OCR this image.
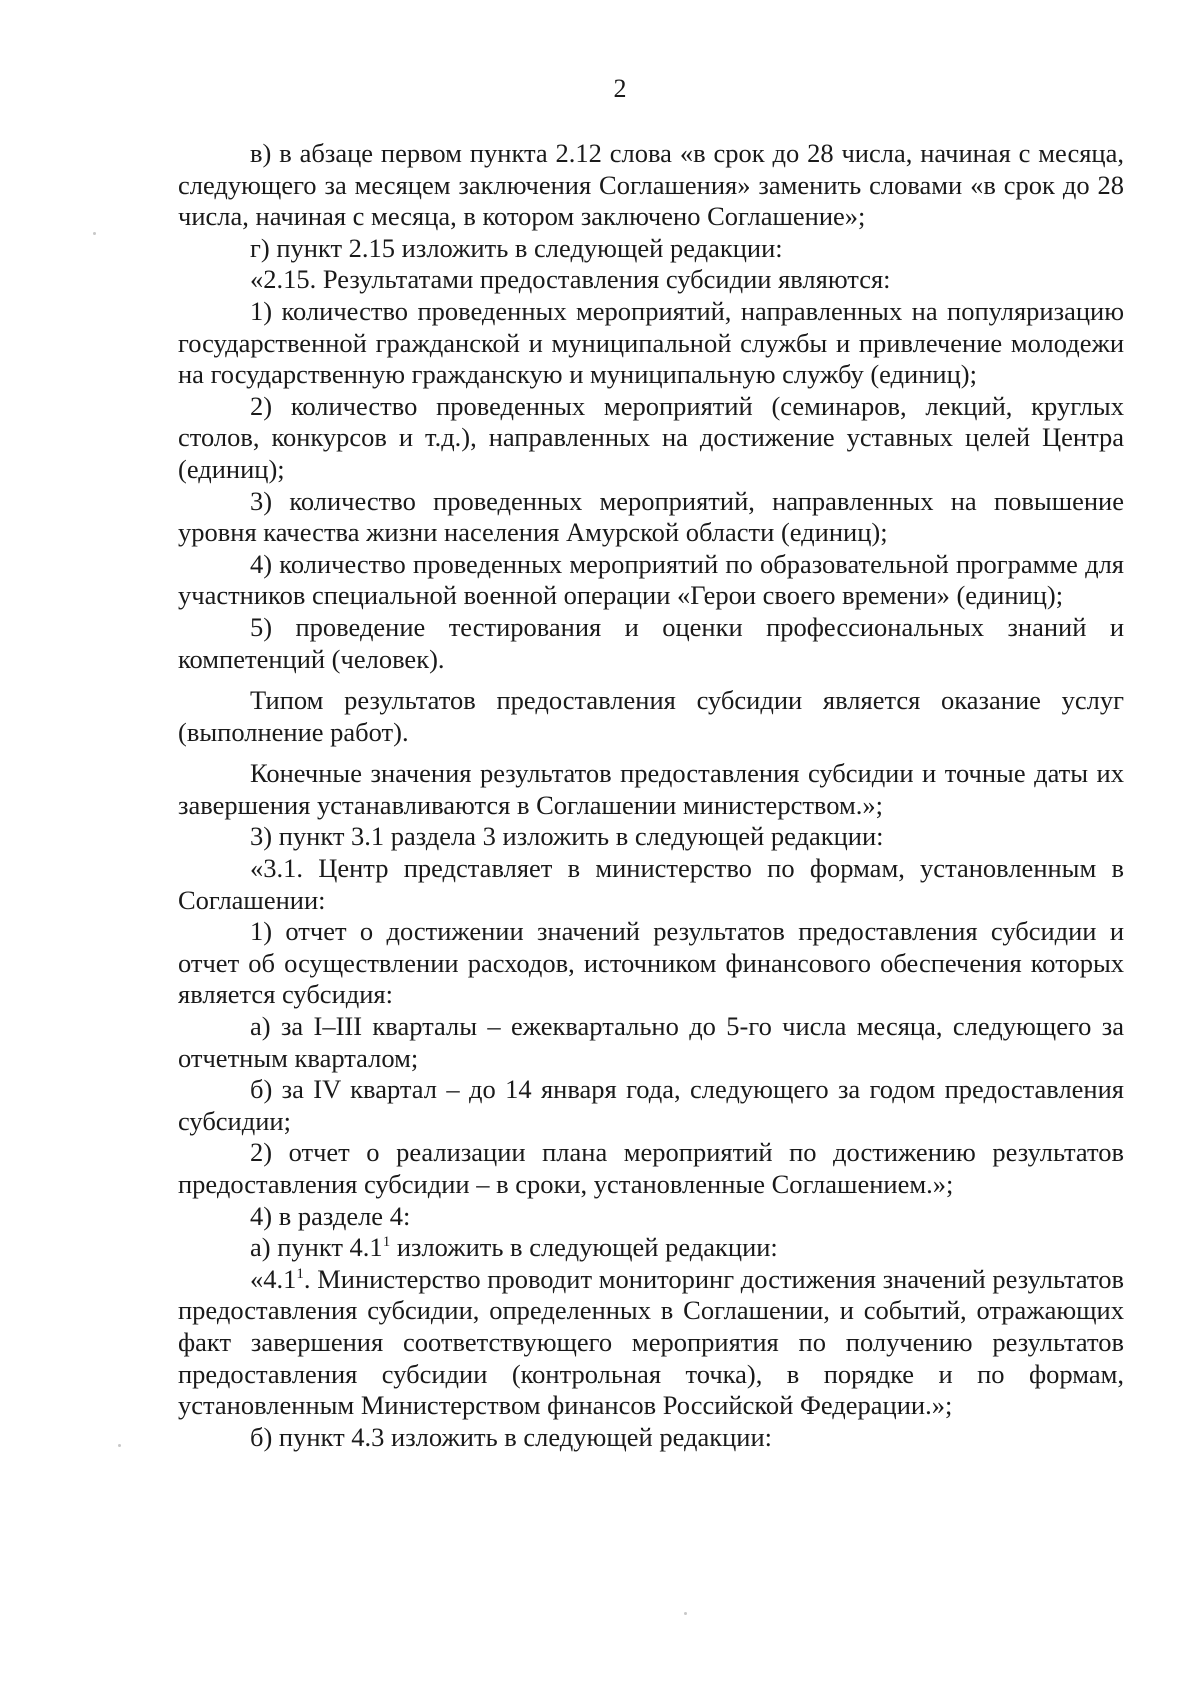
2

в) в абзаце первом пункта 2.12 слова «в срок до 28 числа, начиная с месяца, следующего за месяцем заключения Соглашения» заменить словами «в срок до 28 числа, начиная с месяца, в котором заключено Соглашение»;

г) пункт 2.15 изложить в следующей редакции:

«2.15. Результатами предоставления субсидии являются:

1) количество проведенных мероприятий, направленных на популяризацию государственной гражданской и муниципальной службы и привлечение молодежи на государственную гражданскую и муниципальную службу (единиц);

2) количество проведенных мероприятий (семинаров, лекций, круглых столов, конкурсов и т.д.), направленных на достижение уставных целей Центра (единиц);

3) количество проведенных мероприятий, направленных на повышение уровня качества жизни населения Амурской области (единиц);

4) количество проведенных мероприятий по образовательной программе для участников специальной военной операции «Герои своего времени» (единиц);

5) проведение тестирования и оценки профессиональных знаний и компетенций (человек).

Типом результатов предоставления субсидии является оказание услуг (выполнение работ).

Конечные значения результатов предоставления субсидии и точные даты их завершения устанавливаются в Соглашении министерством.»;

3) пункт 3.1 раздела 3 изложить в следующей редакции:

«3.1. Центр представляет в министерство по формам, установленным в Соглашении:

1) отчет о достижении значений результатов предоставления субсидии и отчет об осуществлении расходов, источником финансового обеспечения которых является субсидия:

а) за I–III кварталы – ежеквартально до 5-го числа месяца, следующего за отчетным кварталом;

б) за IV квартал – до 14 января года, следующего за годом предоставления субсидии;

2) отчет о реализации плана мероприятий по достижению результатов предоставления субсидии – в сроки, установленные Соглашением.»;

4) в разделе 4:

а) пункт $4.1^1$ изложить в следующей редакции:

«$4.1^1$. Министерство проводит мониторинг достижения значений результатов предоставления субсидии, определенных в Соглашении, и событий, отражающих факт завершения соответствующего мероприятия по получению результатов предоставления субсидии (контрольная точка), в порядке и по формам, установленным Министерством финансов Российской Федерации.»;

б) пункт 4.3 изложить в следующей редакции:
